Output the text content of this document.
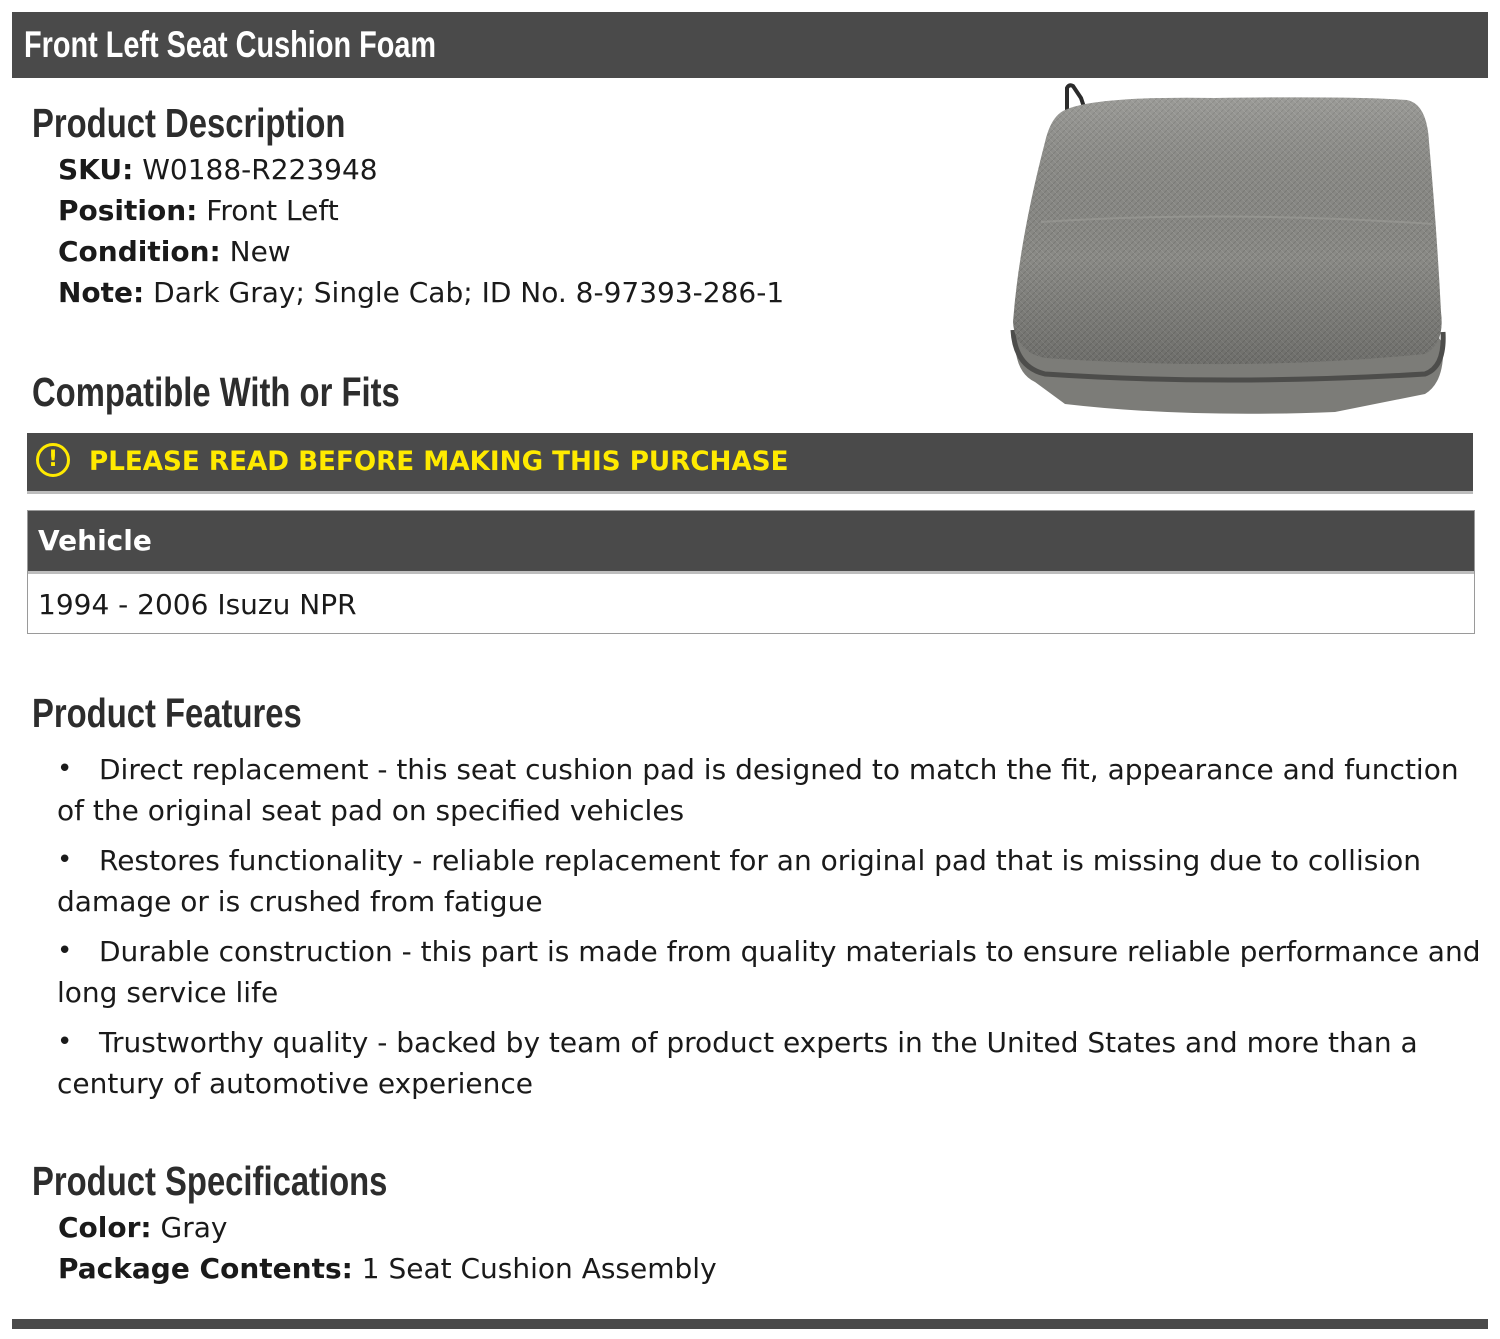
Front Left Seat Cushion Foam
Product Description
SKU: W0188-R223948
Position: Front Left
Condition: New
Note: Dark Gray; Single Cab; ID No. 8-97393-286-1
Compatible With or Fits
!	PLEASE READ BEFORE MAKING THIS PURCHASE
Vehicle
1994 - 2006 Isuzu NPR
Product Features
• Direct replacement - this seat cushion pad is designed to match the fit, appearance and function of the original seat pad on specified vehicles
• Restores functionality - reliable replacement for an original pad that is missing due to collision damage or is crushed from fatigue
• Durable construction - this part is made from quality materials to ensure reliable performance and long service life
• Trustworthy quality - backed by team of product experts in the United States and more than a century of automotive experience
Product Specifications
Color: Gray
Package Contents: 1 Seat Cushion Assembly
